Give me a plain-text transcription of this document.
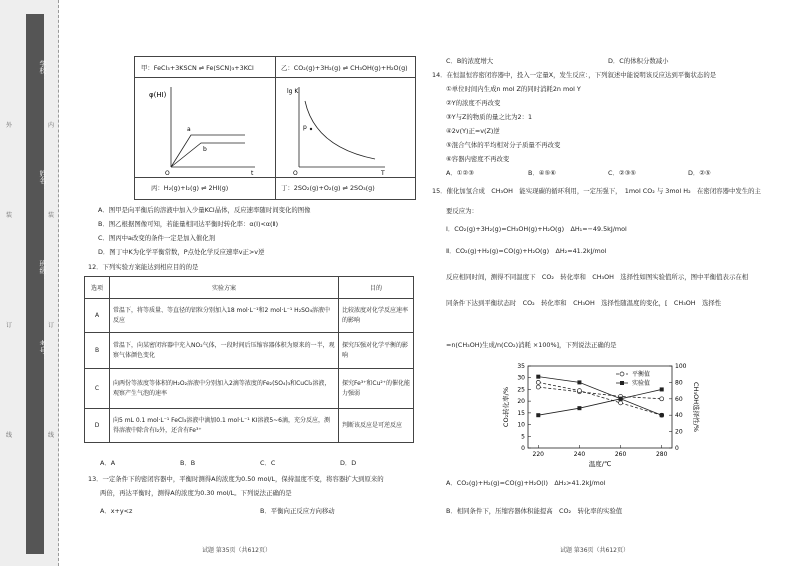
学校：
姓名：
班级：
考号：
外
装
订
线
内
装
订
线
甲：FeCl₃+3KSCN ⇌ Fe(SCN)₃+3KCl	乙：CO₂(g)+3H₂(g) ⇌ CH₃OH(g)+H₂O(g)
丙：H₂(g)+I₂(g) ⇌ 2HI(g)	丁：2SO₂(g)+O₂(g) ⇌ 2SO₃(g)
φ(HI)
a
b
O	t
lg K
p
O	T
A．图甲是向平衡后的溶液中加入少量KCl晶体，反应速率随时间变化的图像
B．图乙根据图像可知，若能量相同达平衡时转化率：α(Ⅰ)<α(Ⅱ)
C．图丙中a改变的条件一定是加入催化剂
D．图丁中K为化学平衡常数，P点处化学反应速率v正>v逆
12．下列实验方案能达到相应目的的是
选项	实验方案	目的
A	常温下，将等质量、等直径的铝粒分别加入18 mol·L⁻¹和2 mol·L⁻¹ H₂SO₄溶液中反应	比较浓度对化学反应速率的影响
B	常温下，向某密闭容器中充入NO₂气体，一段时间后压缩容器体积为原来的一半，观察气体颜色变化	探究压强对化学平衡的影响
C	向两份等浓度等体积的H₂O₂溶液中分别加入2滴等浓度的Fe₂(SO₄)₃和CuCl₂溶液，观察产生气泡的速率	探究Fe³⁺和Cu²⁺的催化能力强弱
D	向5 mL 0.1 mol·L⁻¹ FeCl₃溶液中滴加0.1 mol·L⁻¹ KI溶液5~6滴，充分反应，测得溶液中除含有I₂外，还含有Fe³⁺	判断该反应是可逆反应
A．A	B．B	C．C	D．D
13．一定条件下的密闭容器中，平衡时测得A的浓度为0.50 mol/L，保持温度不变，将容器扩大到原来的
两倍，再达平衡时，测得A的浓度为0.30 mol/L。下列说法正确的是
A．x+y<z	B．平衡向正反应方向移动
试题 第35页（共612页）
C．B的浓度增大	D．C的体积分数减小
14．在恒温恒容密闭容器中，投入一定量X，发生反应：，下列叙述中能说明该反应达到平衡状态的是
①单位时间内生成n mol Z的同时消耗2n mol Y
②Y的浓度不再改变
③Y与Z的物质的量之比为2：1
④2v(Y)正=v(Z)逆
⑤混合气体的平均相对分子质量不再改变
⑥容器内密度不再改变
A．①②③	B．④⑤⑥	C．②③⑤	D．②⑤
15．催化加氢合成　CH₃OH　能实现碳的循环利用，一定压强下，　1mol CO₂ 与 3mol H₂　在密闭容器中发生的主
要反应为：
Ⅰ．CO₂(g)+3H₂(g)=CH₃OH(g)+H₂O(g)　ΔH₁=−49.5kJ/mol
Ⅱ．CO₂(g)+H₂(g)=CO(g)+H₂O(g)　ΔH₂=41.2kJ/mol
反应相同时间，测得不同温度下　CO₂　转化率和　CH₃OH　选择性如图实验值所示，图中平衡值表示在相
同条件下达到平衡状态时　CO₂　转化率和　CH₃OH　选择性随温度的变化，[　CH₃OH　选择性
=n(CH₃OH)生成/n(CO₂)消耗 ×100%]，下列说法正确的是
220	240	260	280
0
5
10
15
20
25
30
35
0
20
40
60
80
100
温度/℃
CO₂转化率/%	CH₃OH选择性/%
平衡值
实验值
A．CO₂(g)+H₂(g)=CO(g)+H₂O(l)　ΔH₂>41.2kJ/mol
B．相同条件下，压缩容器体积能提高　CO₂　转化率的实验值
试题 第36页（共612页）
